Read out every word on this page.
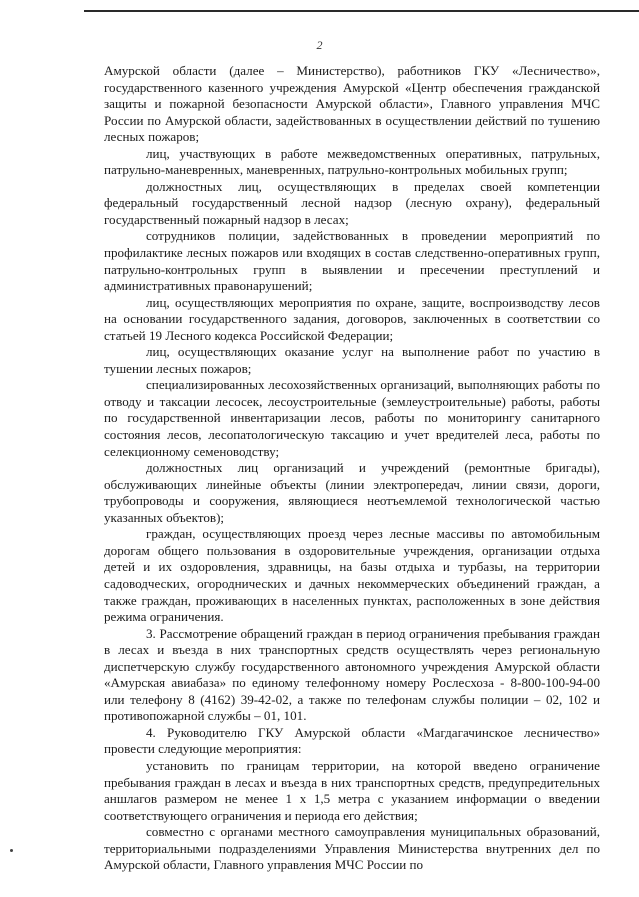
2

Амурской области (далее – Министерство), работников ГКУ «Лесничество», государственного казенного учреждения Амурской «Центр обеспечения гражданской защиты и пожарной безопасности Амурской области», Главного управления МЧС России по Амурской области, задействованных в осуществлении действий по тушению лесных пожаров;

лиц, участвующих в работе межведомственных оперативных, патрульных, патрульно-маневренных, маневренных, патрульно-контрольных мобильных групп;

должностных лиц, осуществляющих в пределах своей компетенции федеральный государственный лесной надзор (лесную охрану), федеральный государственный пожарный надзор в лесах;

сотрудников полиции, задействованных в проведении мероприятий по профилактике лесных пожаров или входящих в состав следственно-оперативных групп, патрульно-контрольных групп в выявлении и пресечении преступлений и административных правонарушений;

лиц, осуществляющих мероприятия по охране, защите, воспроизводству лесов на основании государственного задания, договоров, заключенных в соответствии со статьей 19 Лесного кодекса Российской Федерации;

лиц, осуществляющих оказание услуг на выполнение работ по участию в тушении лесных пожаров;

специализированных лесохозяйственных организаций, выполняющих работы по отводу и таксации лесосек, лесоустроительные (землеустроительные) работы, работы по государственной инвентаризации лесов, работы по мониторингу санитарного состояния лесов, лесопатологическую таксацию и учет вредителей леса, работы по селекционному семеноводству;

должностных лиц организаций и учреждений (ремонтные бригады), обслуживающих линейные объекты (линии электропередач, линии связи, дороги, трубопроводы и сооружения, являющиеся неотъемлемой технологической частью указанных объектов);

граждан, осуществляющих проезд через лесные массивы по автомобильным дорогам общего пользования в оздоровительные учреждения, организации отдыха детей и их оздоровления, здравницы, на базы отдыха и турбазы, на территории садоводческих, огороднических и дачных некоммерческих объединений граждан, а также граждан, проживающих в населенных пунктах, расположенных в зоне действия режима ограничения.

3. Рассмотрение обращений граждан в период ограничения пребывания граждан в лесах и въезда в них транспортных средств осуществлять через региональную диспетчерскую службу государственного автономного учреждения Амурской области «Амурская авиабаза» по единому телефонному номеру Рослесхоза - 8-800-100-94-00 или телефону 8 (4162) 39-42-02, а также по телефонам службы полиции – 02, 102 и противопожарной службы – 01, 101.

4. Руководителю ГКУ Амурской области «Магдагачинское лесничество» провести следующие мероприятия:

установить по границам территории, на которой введено ограничение пребывания граждан в лесах и въезда в них транспортных средств, предупредительных аншлагов размером не менее 1 х 1,5 метра с указанием информации о введении соответствующего ограничения и периода его действия;

совместно с органами местного самоуправления муниципальных образований, территориальными подразделениями Управления Министерства внутренних дел по Амурской области, Главного управления МЧС России по
